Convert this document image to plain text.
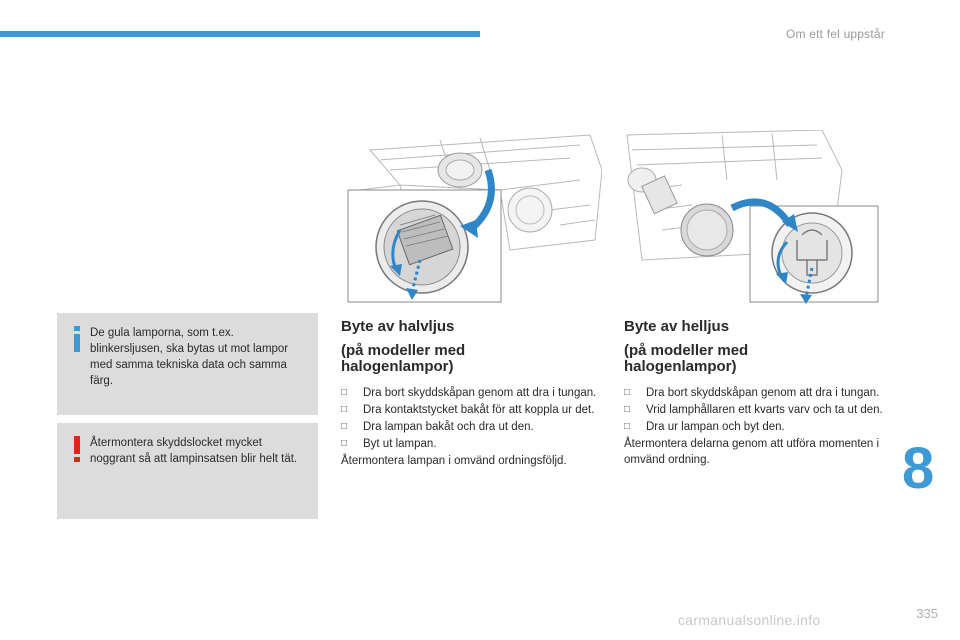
Om ett fel uppstår
8
335
De gula lamporna, som t.ex. blinkersljusen, ska bytas ut mot lampor med samma tekniska data och samma färg.
Återmontera skyddslocket mycket noggrant så att lampinsatsen blir helt tät.
Byte av halvljus
(på modeller med
halogenlampor)
□ Dra bort skyddskåpan genom att dra i tungan.
□ Dra kontaktstycket bakåt för att koppla ur det.
□ Dra lampan bakåt och dra ut den.
□ Byt ut lampan.

Återmontera lampan i omvänd ordningsföljd.

Byte av helljus
(på modeller med
halogenlampor)
□ Dra bort skyddskåpan genom att dra i tungan.
□ Vrid lamphållaren ett kvarts varv och ta ut den.
□ Dra ur lampan och byt den.

Återmontera delarna genom att utföra momenten i omvänd ordning.

carmanualsonline.info
